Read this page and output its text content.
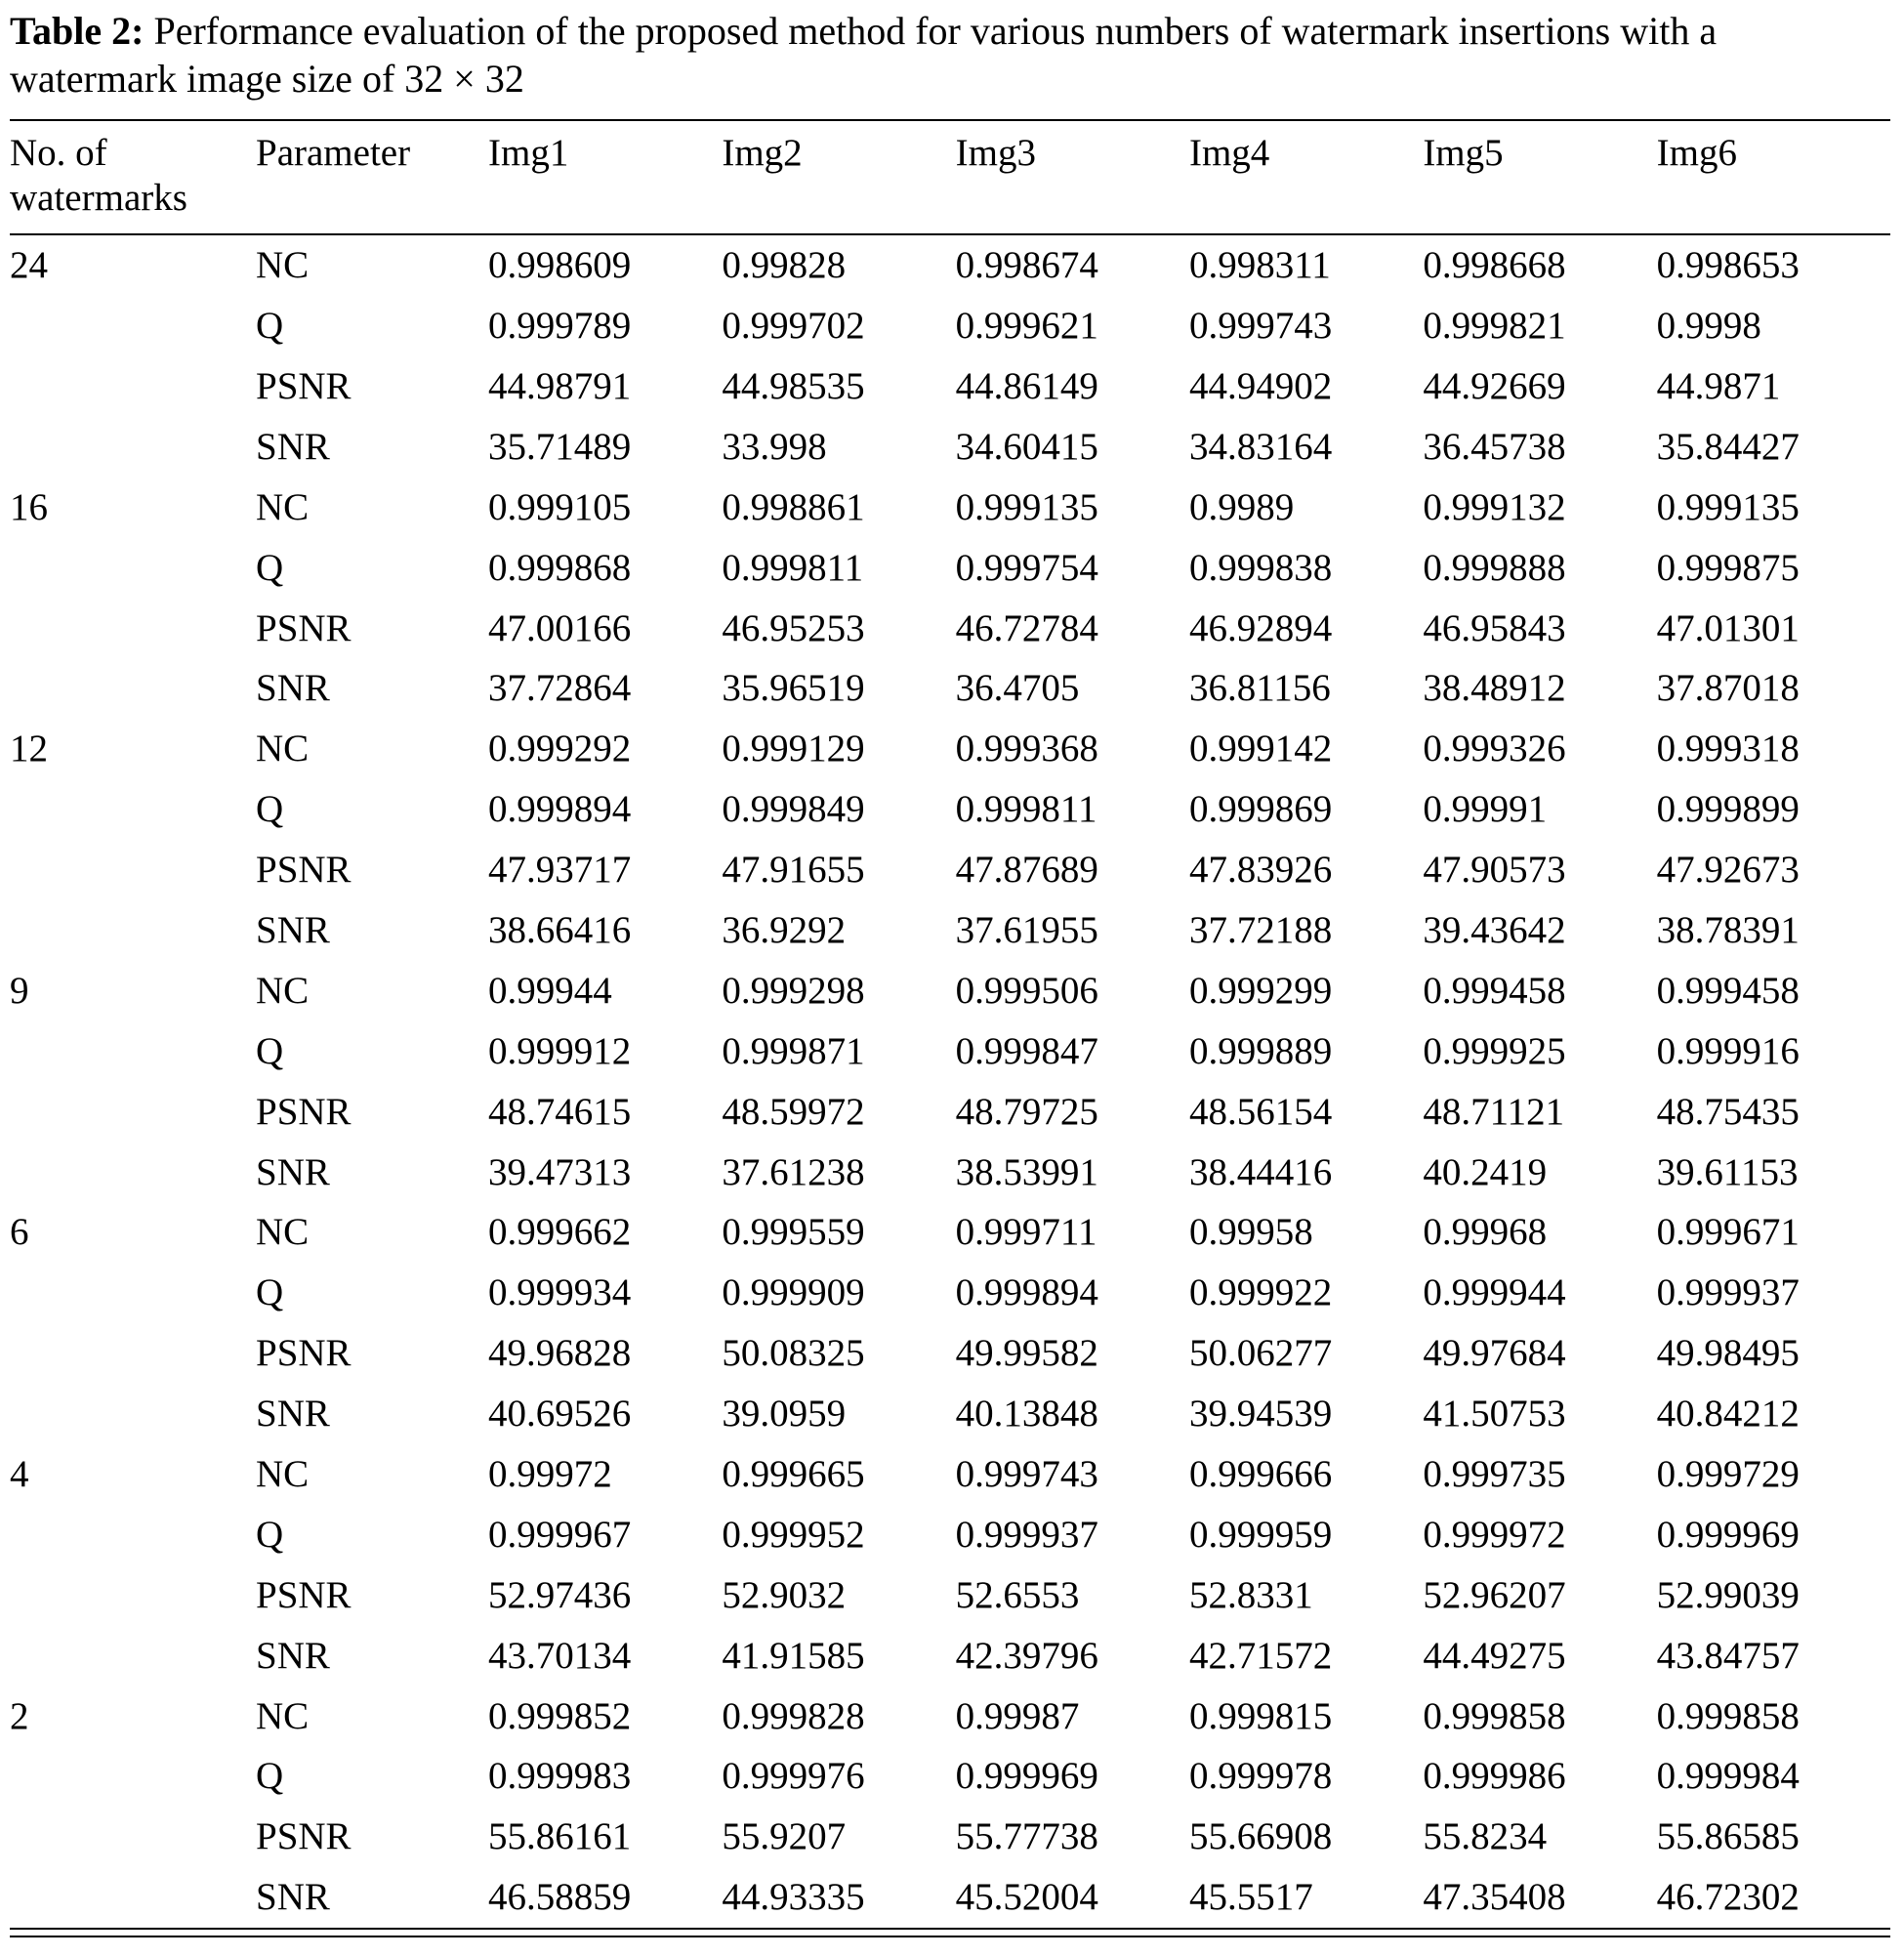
Table 2: Performance evaluation of the proposed method for various numbers of watermark insertions with a watermark image size of 32 × 32

No. of watermarks	Parameter	Img1	Img2	Img3	Img4	Img5	Img6
24	NC	0.998609	0.99828	0.998674	0.998311	0.998668	0.998653
	Q	0.999789	0.999702	0.999621	0.999743	0.999821	0.9998
	PSNR	44.98791	44.98535	44.86149	44.94902	44.92669	44.9871
	SNR	35.71489	33.998	34.60415	34.83164	36.45738	35.84427
16	NC	0.999105	0.998861	0.999135	0.9989	0.999132	0.999135
	Q	0.999868	0.999811	0.999754	0.999838	0.999888	0.999875
	PSNR	47.00166	46.95253	46.72784	46.92894	46.95843	47.01301
	SNR	37.72864	35.96519	36.4705	36.81156	38.48912	37.87018
12	NC	0.999292	0.999129	0.999368	0.999142	0.999326	0.999318
	Q	0.999894	0.999849	0.999811	0.999869	0.99991	0.999899
	PSNR	47.93717	47.91655	47.87689	47.83926	47.90573	47.92673
	SNR	38.66416	36.9292	37.61955	37.72188	39.43642	38.78391
9	NC	0.99944	0.999298	0.999506	0.999299	0.999458	0.999458
	Q	0.999912	0.999871	0.999847	0.999889	0.999925	0.999916
	PSNR	48.74615	48.59972	48.79725	48.56154	48.71121	48.75435
	SNR	39.47313	37.61238	38.53991	38.44416	40.2419	39.61153
6	NC	0.999662	0.999559	0.999711	0.99958	0.99968	0.999671
	Q	0.999934	0.999909	0.999894	0.999922	0.999944	0.999937
	PSNR	49.96828	50.08325	49.99582	50.06277	49.97684	49.98495
	SNR	40.69526	39.0959	40.13848	39.94539	41.50753	40.84212
4	NC	0.99972	0.999665	0.999743	0.999666	0.999735	0.999729
	Q	0.999967	0.999952	0.999937	0.999959	0.999972	0.999969
	PSNR	52.97436	52.9032	52.6553	52.8331	52.96207	52.99039
	SNR	43.70134	41.91585	42.39796	42.71572	44.49275	43.84757
2	NC	0.999852	0.999828	0.99987	0.999815	0.999858	0.999858
	Q	0.999983	0.999976	0.999969	0.999978	0.999986	0.999984
	PSNR	55.86161	55.9207	55.77738	55.66908	55.8234	55.86585
	SNR	46.58859	44.93335	45.52004	45.5517	47.35408	46.72302
